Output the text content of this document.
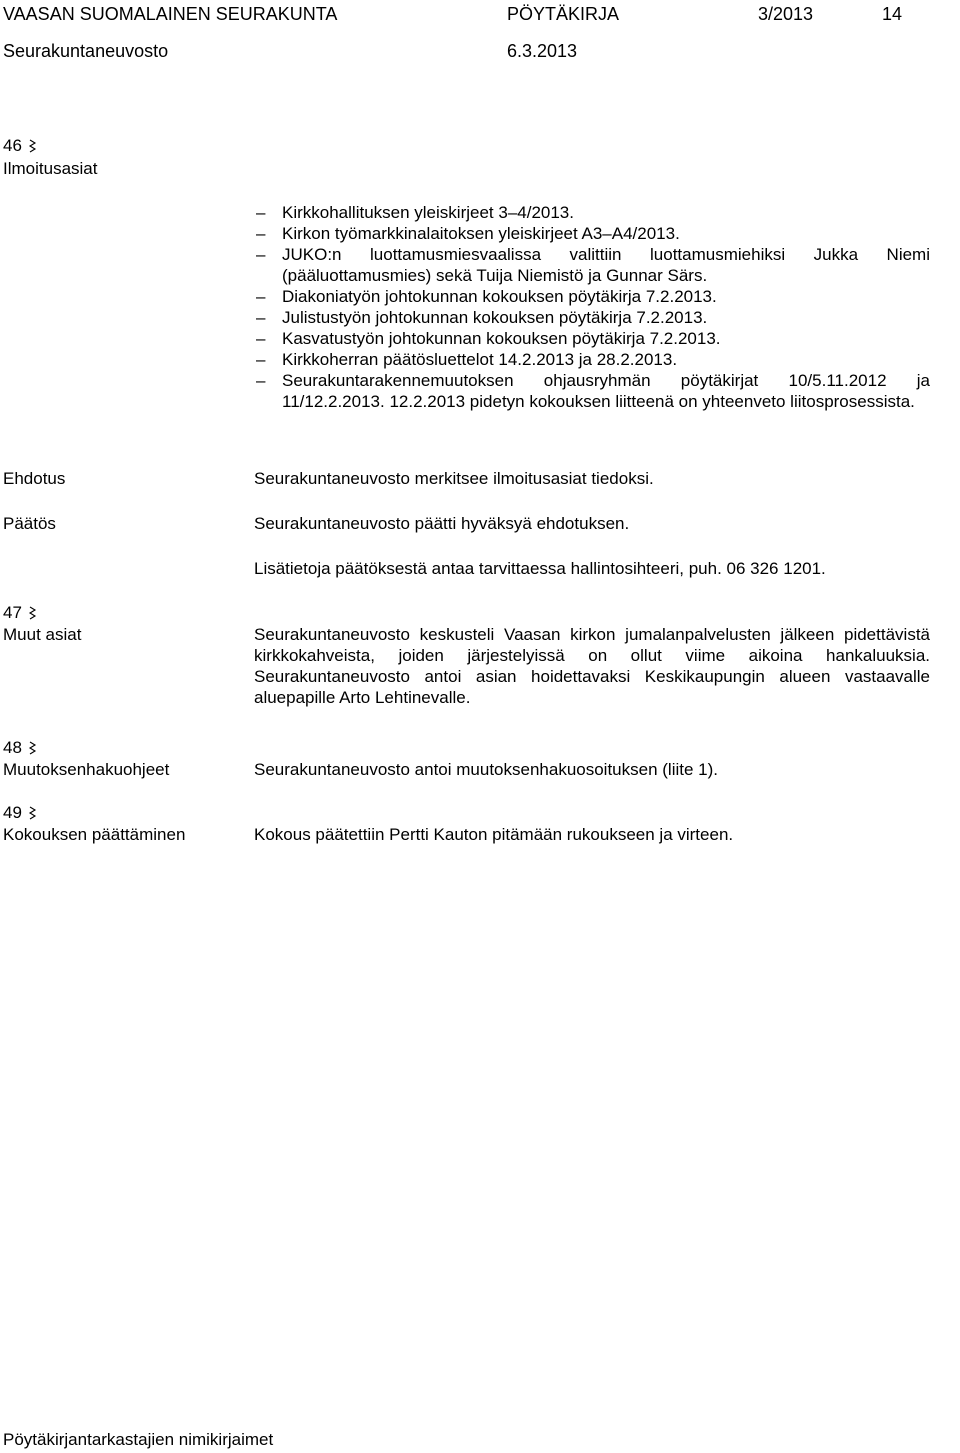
VAASAN SUOMALAINEN SEURAKUNTA	PÖYTÄKIRJA	3/2013	14
Seurakuntaneuvosto	6.3.2013
46
Ilmoitusasiat
– Kirkkohallituksen yleiskirjeet 3–4/2013.
– Kirkon työmarkkinalaitoksen yleiskirjeet A3–A4/2013.
– JUKO:n luottamusmiesvaalissa valittiin luottamusmiehiksi Jukka Niemi (pääluottamusmies) sekä Tuija Niemistö ja Gunnar Särs.
– Diakoniatyön johtokunnan kokouksen pöytäkirja 7.2.2013.
– Julistustyön johtokunnan kokouksen pöytäkirja 7.2.2013.
– Kasvatustyön johtokunnan kokouksen pöytäkirja 7.2.2013.
– Kirkkoherran päätösluettelot 14.2.2013 ja 28.2.2013.
– Seurakuntarakennemuutoksen ohjausryhmän pöytäkirjat 10/5.11.2012 ja 11/12.2.2013. 12.2.2013 pidetyn kokouksen liitteenä on yhteenveto liitosprosessista.
Ehdotus	Seurakuntaneuvosto merkitsee ilmoitusasiat tiedoksi.
Päätös	Seurakuntaneuvosto päätti hyväksyä ehdotuksen.
Lisätietoja päätöksestä antaa tarvittaessa hallintosihteeri, puh. 06 326 1201.
47
Muut asiat	Seurakuntaneuvosto keskusteli Vaasan kirkon jumalanpalvelusten jälkeen pidettävistä kirkkokahveista, joiden järjestelyissä on ollut viime aikoina hankaluuksia. Seurakuntaneuvosto antoi asian hoidettavaksi Keskikaupungin alueen vastaavalle aluepapille Arto Lehtinevalle.
48
Muutoksenhakuohjeet	Seurakuntaneuvosto antoi muutoksenhakuosoituksen (liite 1).
49
Kokouksen päättäminen	Kokous päätettiin Pertti Kauton pitämään rukoukseen ja virteen.
Pöytäkirjantarkastajien nimikirjaimet
